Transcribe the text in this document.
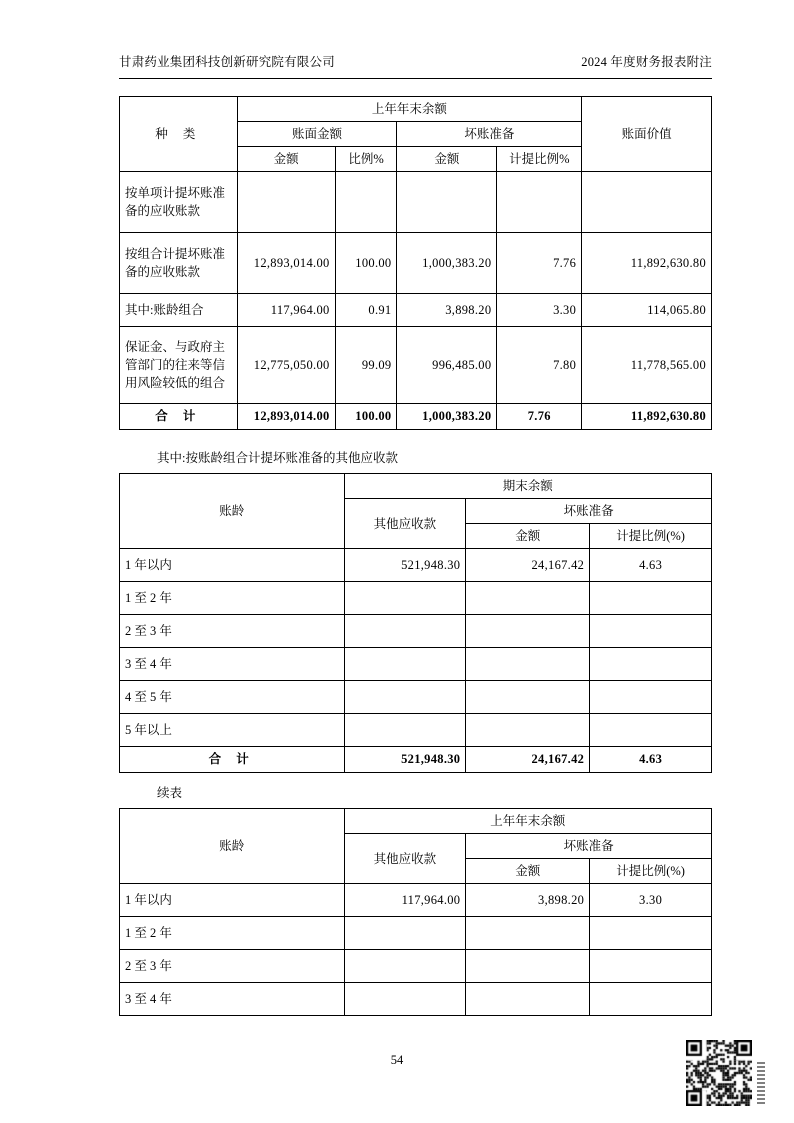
甘肃药业集团科技创新研究院有限公司	2024 年度财务报表附注
种 类	上年年末余额				账面价值
	账面金额		坏账准备		
	金额	比例%	金额	计提比例%	
按单项计提坏账准备的应收账款					
按组合计提坏账准备的应收账款	12,893,014.00	100.00	1,000,383.20	7.76	11,892,630.80
其中:账龄组合	117,964.00	0.91	3,898.20	3.30	114,065.80
保证金、与政府主管部门的往来等信用风险较低的组合	12,775,050.00	99.09	996,485.00	7.80	11,778,565.00
合 计	12,893,014.00	100.00	1,000,383.20	7.76	11,892,630.80
其中:按账龄组合计提坏账准备的其他应收款
账龄	期末余额		
	其他应收款	坏账准备	
		金额	计提比例(%)
1 年以内	521,948.30	24,167.42	4.63
1 至 2 年			
2 至 3 年			
3 至 4 年			
4 至 5 年			
5 年以上			
合 计	521,948.30	24,167.42	4.63
续表
账龄	上年年末余额		
	其他应收款	坏账准备	
		金额	计提比例(%)
1 年以内	117,964.00	3,898.20	3.30
1 至 2 年			
2 至 3 年			
3 至 4 年			
54
